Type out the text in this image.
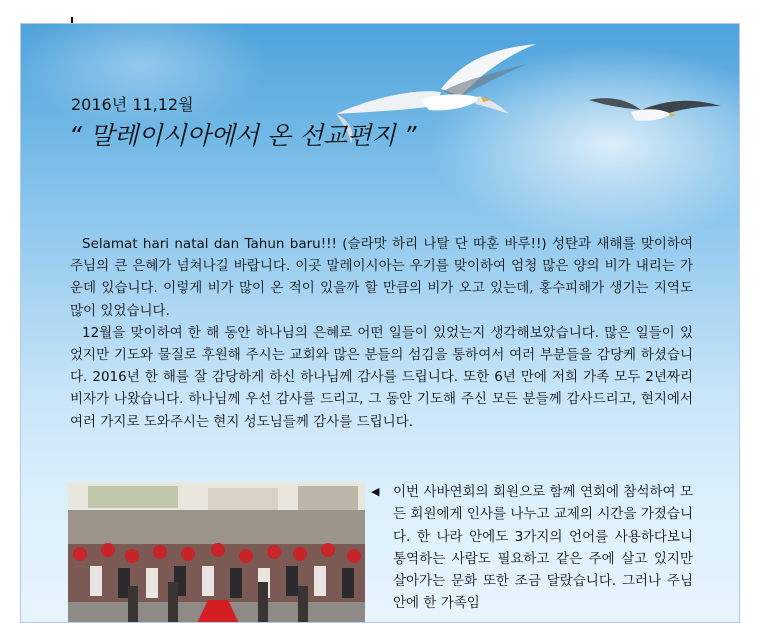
2016년 11,12월
“ 말레이시아에서 온 선교편지 ”

Selamat hari natal dan Tahun baru!!! (슬라맛 하리 나탈 단 따훈 바루!!) 성탄과 새해를 맞이하여 주님의 큰 은혜가 넘쳐나길 바랍니다. 이곳 말레이시아는 우기를 맞이하여 엄청 많은 양의 비가 내리는 가운데 있습니다. 이렇게 비가 많이 온 적이 있을까 할 만큼의 비가 오고 있는데, 홍수피해가 생기는 지역도 많이 있었습니다.

12월을 맞이하여 한 해 동안 하나님의 은혜로 어떤 일들이 있었는지 생각해보았습니다. 많은 일들이 있었지만 기도와 물질로 후원해 주시는 교회와 많은 분들의 섬김을 통하여서 여러 부분들을 감당케 하셨습니다. 2016년 한 해를 잘 감당하게 하신 하나님께 감사를 드립니다. 또한 6년 만에 저희 가족 모두 2년짜리 비자가 나왔습니다. 하나님께 우선 감사를 드리고, 그 동안 기도해 주신 모든 분들께 감사드리고, 현지에서 여러 가지로 도와주시는 현지 성도님들께 감사를 드립니다.

◀	이번 사바연회의 회원으로 함께 연회에 참석하여 모든 회원에게 인사를 나누고 교제의 시간을 가졌습니다. 한 나라 안에도 3가지의 언어를 사용하다보니 통역하는 사람도 필요하고 같은 주에 살고 있지만 살아가는 문화 또한 조금 달랐습니다. 그러나 주님 안에 한 가족임
